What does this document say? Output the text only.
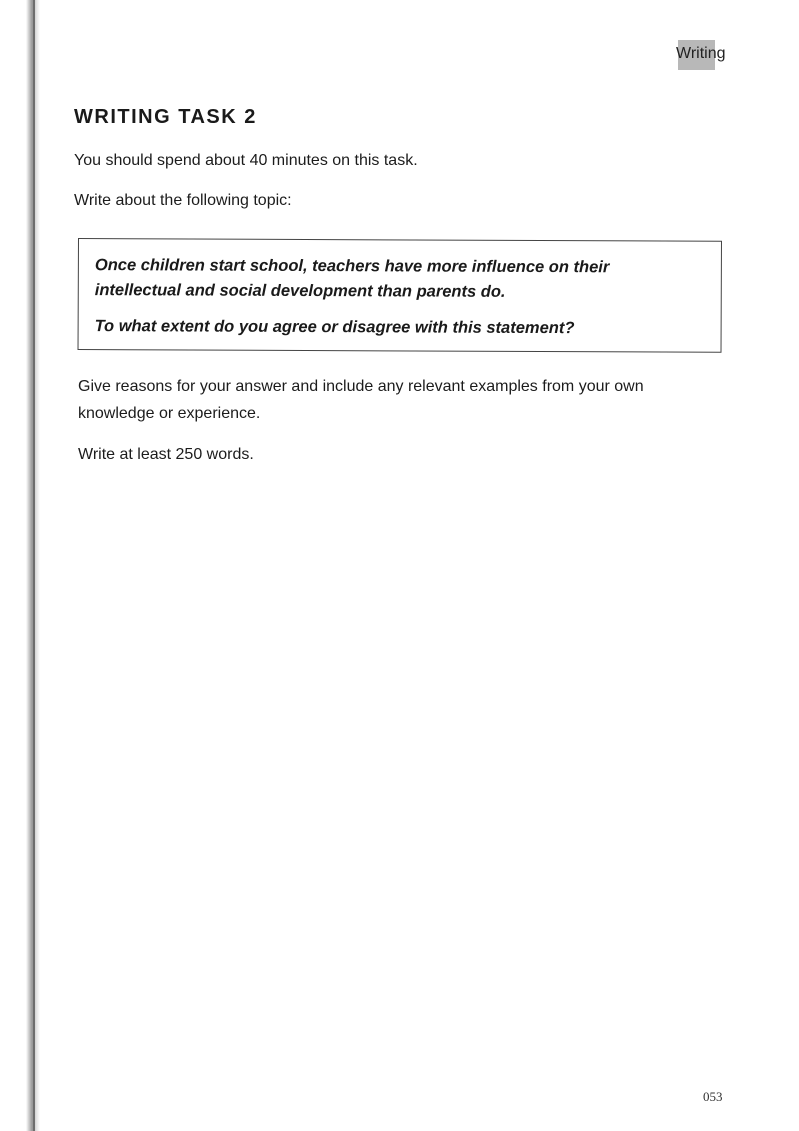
Writing
WRITING TASK 2

You should spend about 40 minutes on this task.

Write about the following topic:

Once children start school, teachers have more influence on their intellectual and social development than parents do.

To what extent do you agree or disagree with this statement?

Give reasons for your answer and include any relevant examples from your own knowledge or experience.

Write at least 250 words.

053
